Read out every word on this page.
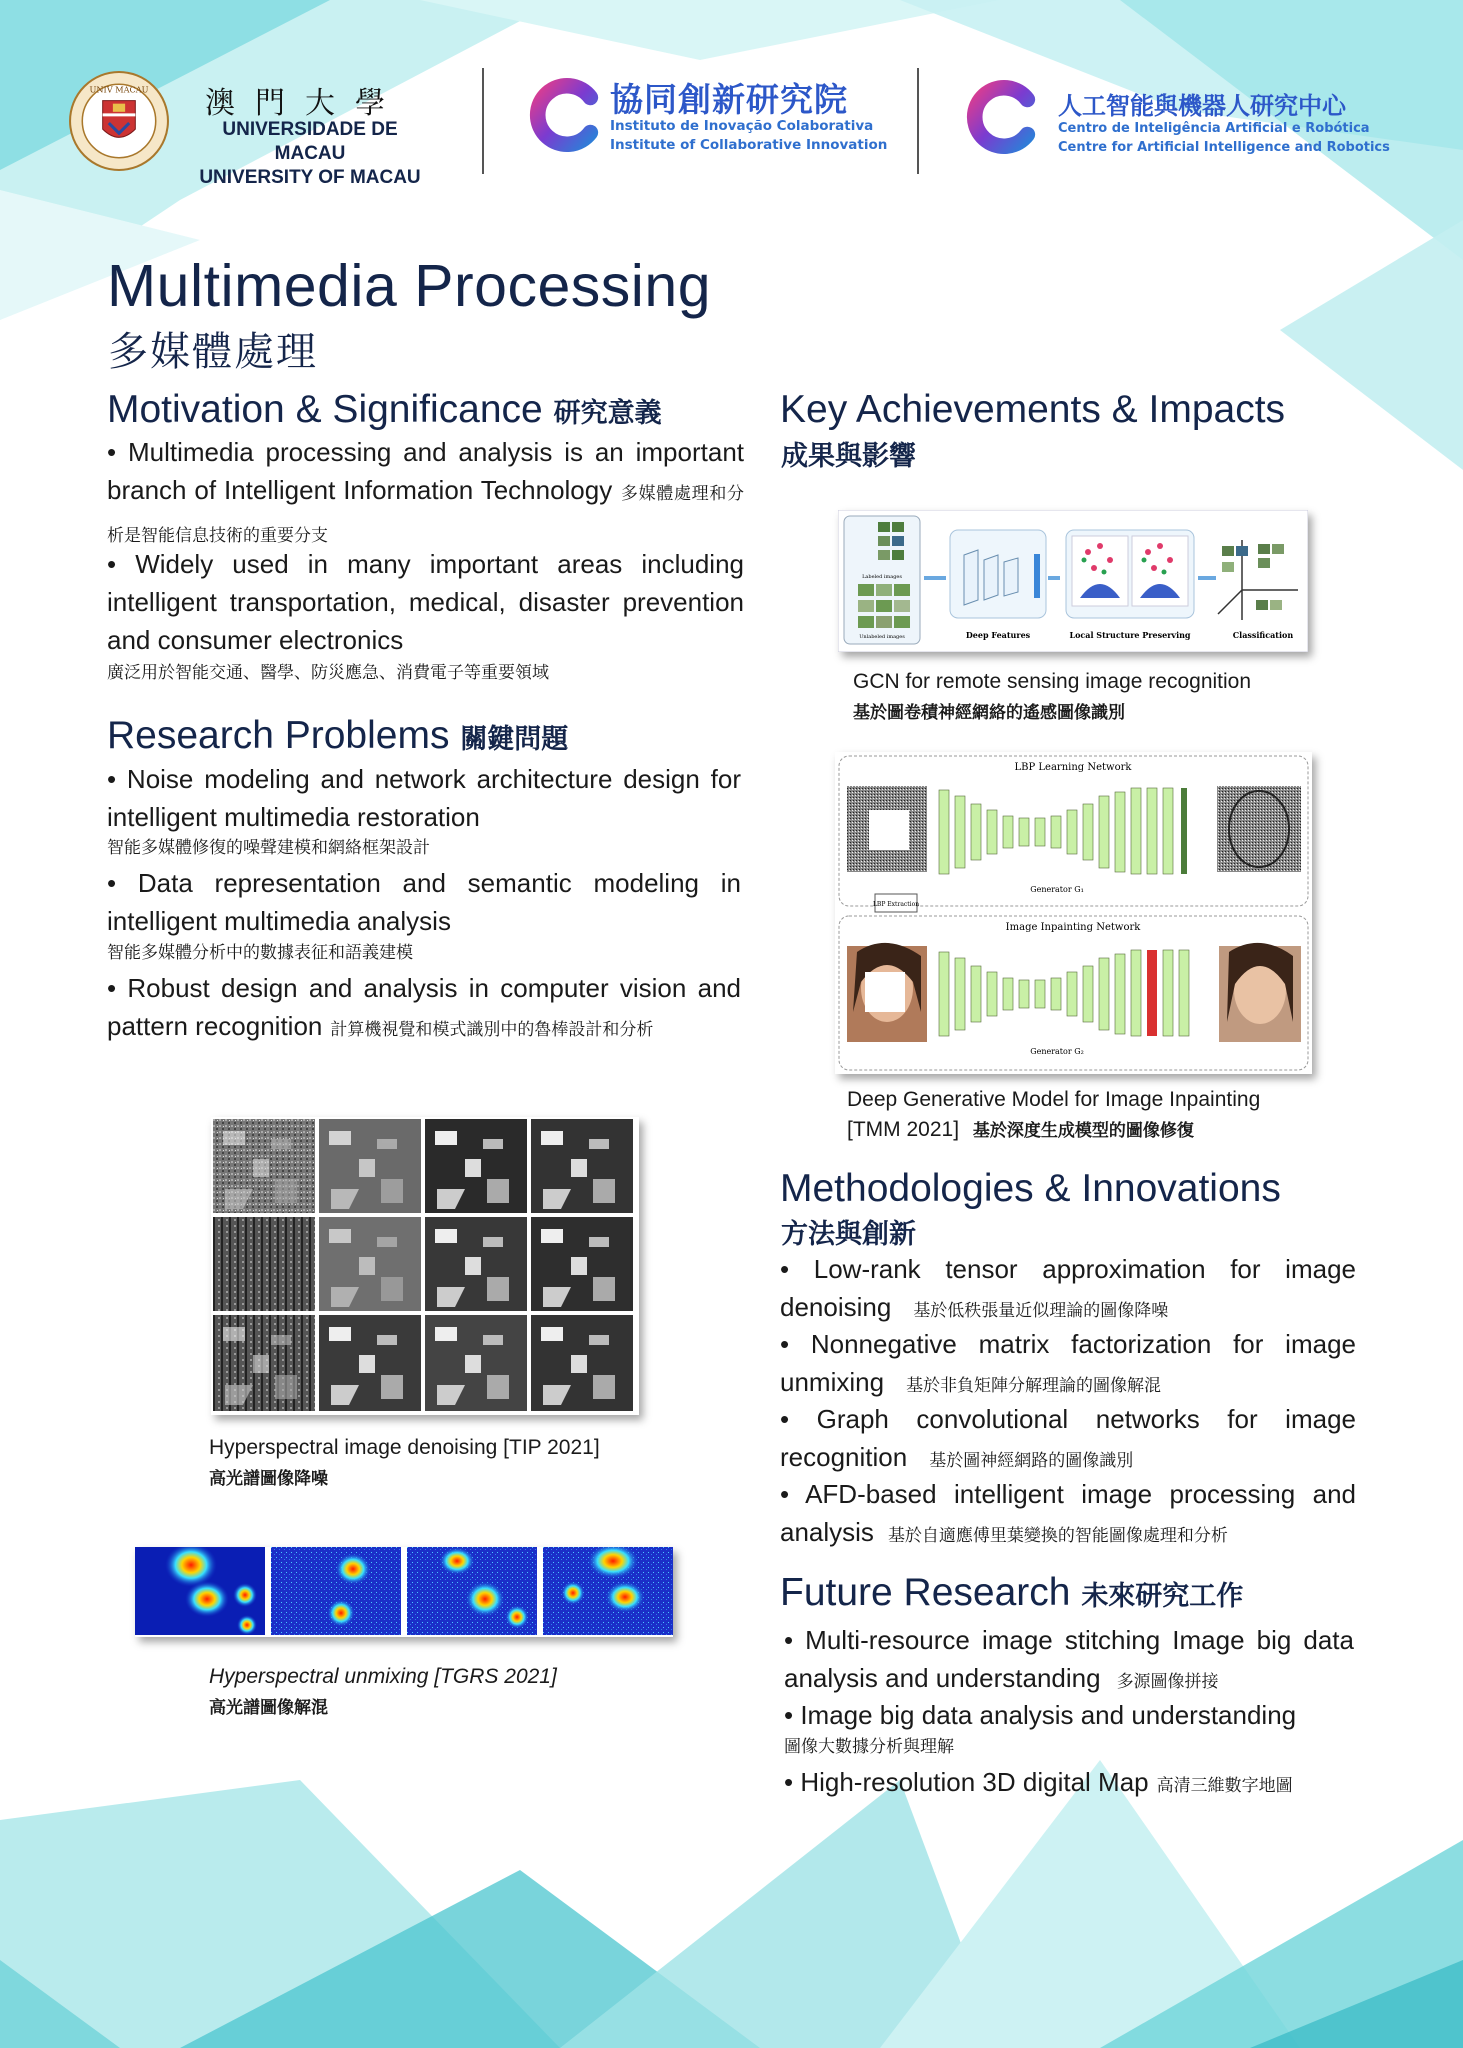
UNIV MACAU 澳門大學
UNIVERSIDADE DE MACAU
UNIVERSITY OF MACAU
協同創新研究院
Instituto de Inovação Colaborativa
Institute of Collaborative Innovation
人工智能與機器人研究中心
Centro de Inteligência Artificial e Robótica
Centre for Artificial Intelligence and Robotics
Multimedia Processing
多媒體處理
Motivation & Significance 研究意義
• Multimedia processing and analysis is an important branch of Intelligent Information Technology 多媒體處理和分析是智能信息技術的重要分支
• Widely used in many important areas including intelligent transportation, medical, disaster prevention and consumer electronics
廣泛用於智能交通、醫學、防災應急、消費電子等重要領域
Research Problems 關鍵問題
• Noise modeling and network architecture design for intelligent multimedia restoration
智能多媒體修復的噪聲建模和網絡框架設計
• Data representation and semantic modeling in intelligent multimedia analysis
智能多媒體分析中的數據表征和語義建模
• Robust design and analysis in computer vision and pattern recognition 計算機視覺和模式識別中的魯棒設計和分析
Hyperspectral image denoising [TIP 2021]
高光譜圖像降噪
Hyperspectral unmixing [TGRS 2021]
高光譜圖像解混
Key Achievements & Impacts
成果與影響
Labeled images
Unlabeled images	Deep Features	Local Structure Preserving	Classification
GCN for remote sensing image recognition
基於圖卷積神經網絡的遙感圖像識別
LBP Learning Network
Image Inpainting Network
Generator G₁
LBP Extraction
Generator G₂
Deep Generative Model for Image Inpainting
[TMM 2021] 基於深度生成模型的圖像修復
Methodologies & Innovations
方法與創新
• Low-rank tensor approximation for image denoising 基於低秩張量近似理論的圖像降噪
• Nonnegative matrix factorization for image unmixing 基於非負矩陣分解理論的圖像解混
• Graph convolutional networks for image recognition 基於圖神經網路的圖像識別
• AFD-based intelligent image processing and analysis 基於自適應傅里葉變換的智能圖像處理和分析
Future Research 未來研究工作
• Multi-resource image stitching Image big data analysis and understanding 多源圖像拼接
• Image big data analysis and understanding
圖像大數據分析與理解
• High-resolution 3D digital Map 高清三維數字地圖
